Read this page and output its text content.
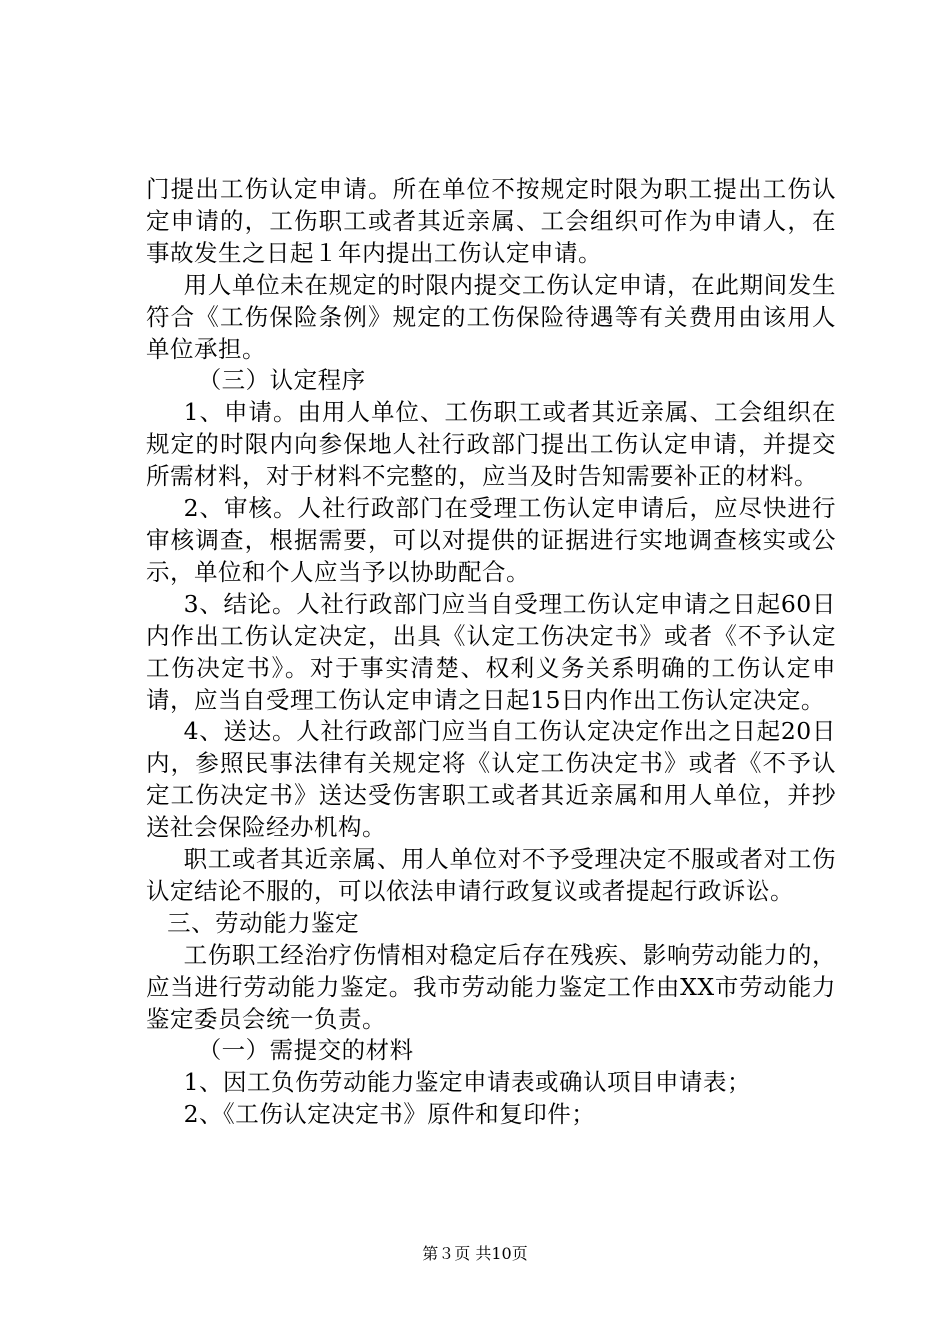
门提出工伤认定申请。所在单位不按规定时限为职工提出工伤认定申请的，工伤职工或者其近亲属、工会组织可作为申请人，在事故发生之日起１年内提出工伤认定申请。

用人单位未在规定的时限内提交工伤认定申请，在此期间发生符合《工伤保险条例》规定的工伤保险待遇等有关费用由该用人单位承担。

（三）认定程序

1、申请。由用人单位、工伤职工或者其近亲属、工会组织在规定的时限内向参保地人社行政部门提出工伤认定申请，并提交所需材料，对于材料不完整的，应当及时告知需要补正的材料。

2、审核。人社行政部门在受理工伤认定申请后，应尽快进行审核调查，根据需要，可以对提供的证据进行实地调查核实或公示，单位和个人应当予以协助配合。

3、结论。人社行政部门应当自受理工伤认定申请之日起60日内作出工伤认定决定，出具《认定工伤决定书》或者《不予认定工伤决定书》。对于事实清楚、权利义务关系明确的工伤认定申请，应当自受理工伤认定申请之日起15日内作出工伤认定决定。

4、送达。人社行政部门应当自工伤认定决定作出之日起20日内，参照民事法律有关规定将《认定工伤决定书》或者《不予认定工伤决定书》送达受伤害职工或者其近亲属和用人单位，并抄送社会保险经办机构。

职工或者其近亲属、用人单位对不予受理决定不服或者对工伤认定结论不服的，可以依法申请行政复议或者提起行政诉讼。

三、劳动能力鉴定

工伤职工经治疗伤情相对稳定后存在残疾、影响劳动能力的，应当进行劳动能力鉴定。我市劳动能力鉴定工作由XX市劳动能力鉴定委员会统一负责。

（一）需提交的材料

1、因工负伤劳动能力鉴定申请表或确认项目申请表；

2、《工伤认定决定书》原件和复印件；

第３页 共10页
